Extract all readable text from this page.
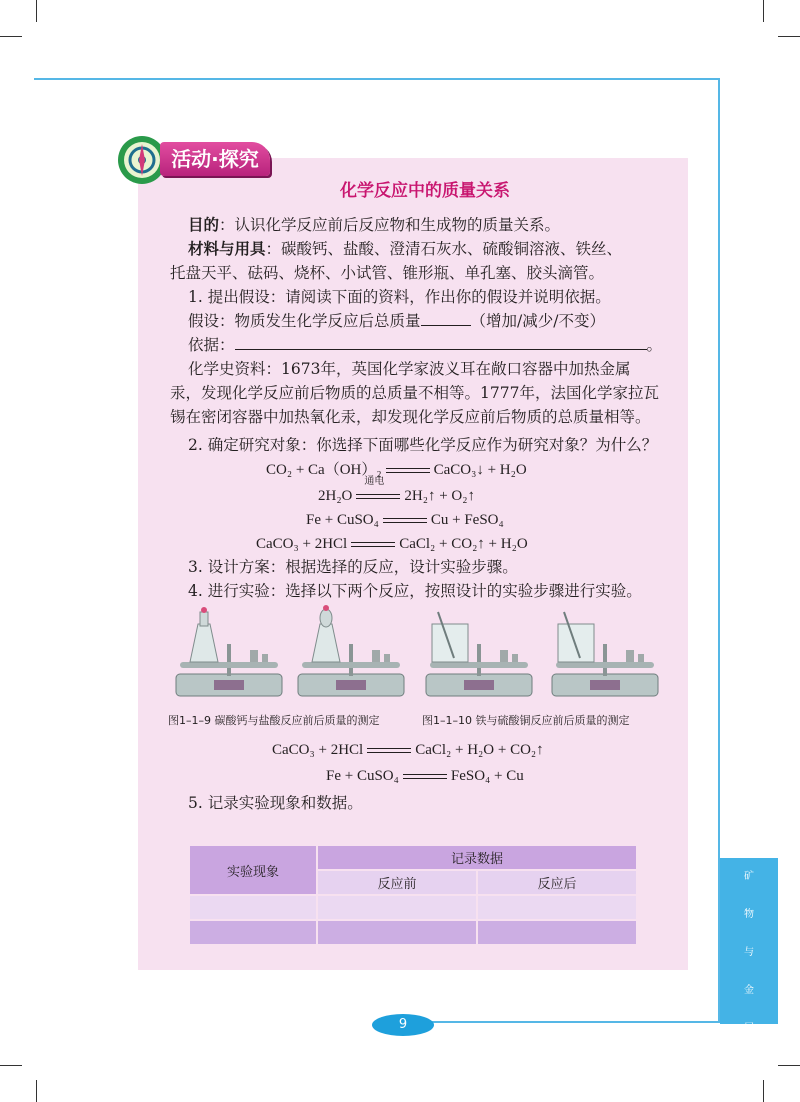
活动·探究
化学反应中的质量关系
目的：认识化学反应前后反应物和生成物的质量关系。
材料与用具：碳酸钙、盐酸、澄清石灰水、硫酸铜溶液、铁丝、
托盘天平、砝码、烧杯、小试管、锥形瓶、单孔塞、胶头滴管。
1. 提出假设：请阅读下面的资料，作出你的假设并说明依据。
假设：物质发生化学反应后总质量	（增加/减少/不变）
依据：	。
化学史资料：1673年，英国化学家波义耳在敞口容器中加热金属
汞，发现化学反应前后物质的总质量不相等。1777年，法国化学家拉瓦
锡在密闭容器中加热氧化汞，却发现化学反应前后物质的总质量相等。
2. 确定研究对象：你选择下面哪些化学反应作为研究对象？为什么？
CO₂ + Ca（OH）₂	CaCO₃↓ + H₂O
2H₂O
通电
2H₂↑ + O₂↑
Fe + CuSO₄	Cu + FeSO₄
CaCO₃ + 2HCl	CaCl₂ + CO₂↑ + H₂O
3. 设计方案：根据选择的反应，设计实验步骤。
4. 进行实验：选择以下两个反应，按照设计的实验步骤进行实验。
图1–1–9 碳酸钙与盐酸反应前后质量的测定	图1–1–10 铁与硫酸铜反应前后质量的测定
CaCO₃ + 2HCl	CaCl₂ + H₂O + CO₂↑
Fe + CuSO₄	FeSO₄ + Cu
5. 记录实验现象和数据。
实验现象	记录数据	
	反应前	反应后

矿
物
与
金
属
9
